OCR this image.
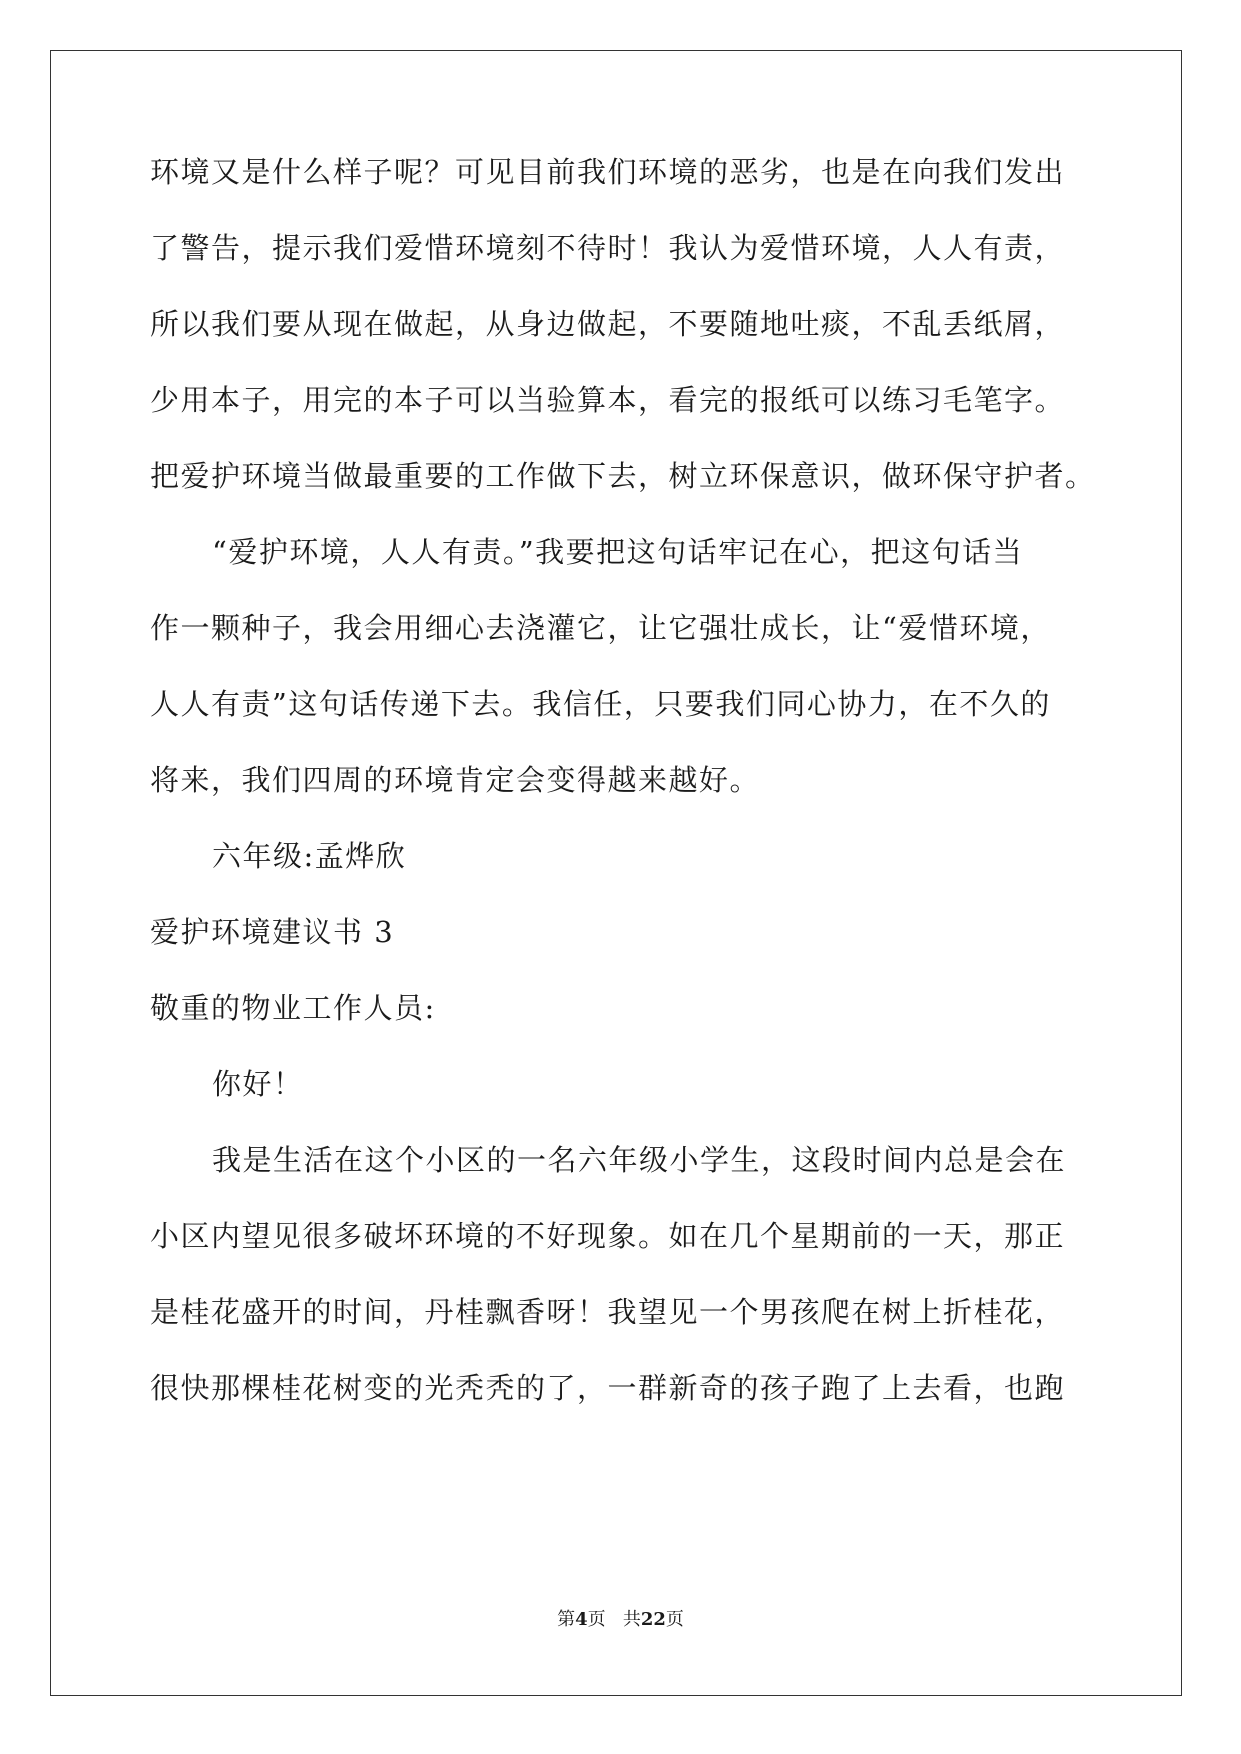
环境又是什么样子呢？可见目前我们环境的恶劣，也是在向我们发出
了警告，提示我们爱惜环境刻不待时！我认为爱惜环境，人人有责，
所以我们要从现在做起，从身边做起，不要随地吐痰，不乱丢纸屑，
少用本子，用完的本子可以当验算本，看完的报纸可以练习毛笔字。
把爱护环境当做最重要的工作做下去，树立环保意识，做环保守护者。
“爱护环境，人人有责。”我要把这句话牢记在心，把这句话当
作一颗种子，我会用细心去浇灌它，让它强壮成长，让“爱惜环境，
人人有责”这句话传递下去。我信任，只要我们同心协力，在不久的
将来，我们四周的环境肯定会变得越来越好。
六年级:孟烨欣
爱护环境建议书 3
敬重的物业工作人员:
你好！
我是生活在这个小区的一名六年级小学生，这段时间内总是会在
小区内望见很多破坏环境的不好现象。如在几个星期前的一天，那正
是桂花盛开的时间，丹桂飘香呀！我望见一个男孩爬在树上折桂花，
很快那棵桂花树变的光秃秃的了，一群新奇的孩子跑了上去看，也跑
第4页 共22页
